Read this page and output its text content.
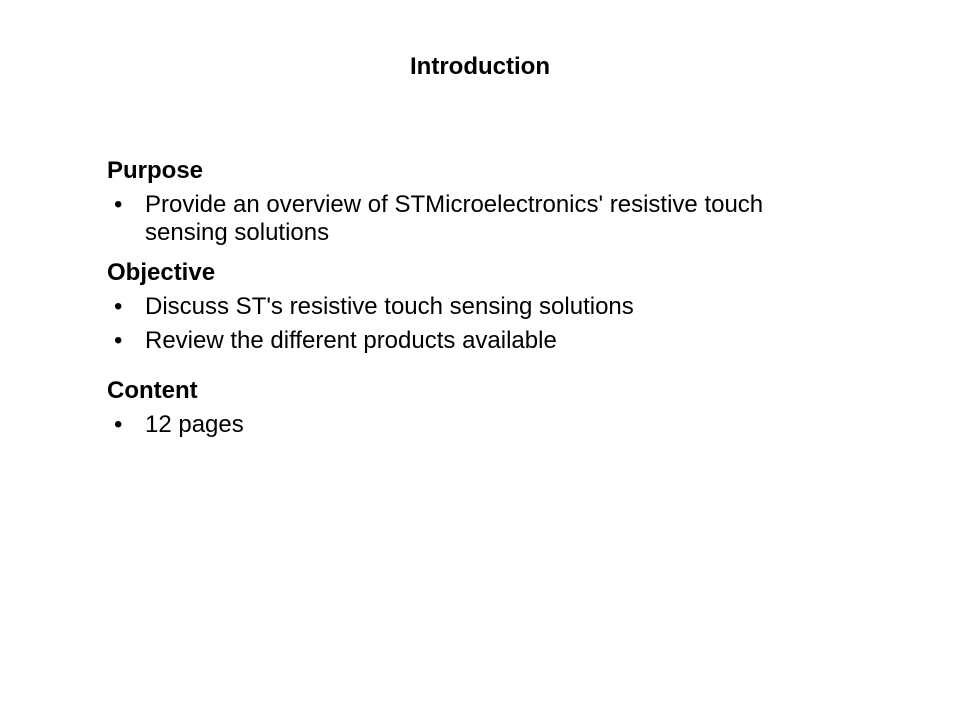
Introduction
Purpose
• Provide an overview of STMicroelectronics' resistive touch sensing solutions
Objective
• Discuss ST's resistive touch sensing solutions
• Review the different products available
Content
• 12 pages
